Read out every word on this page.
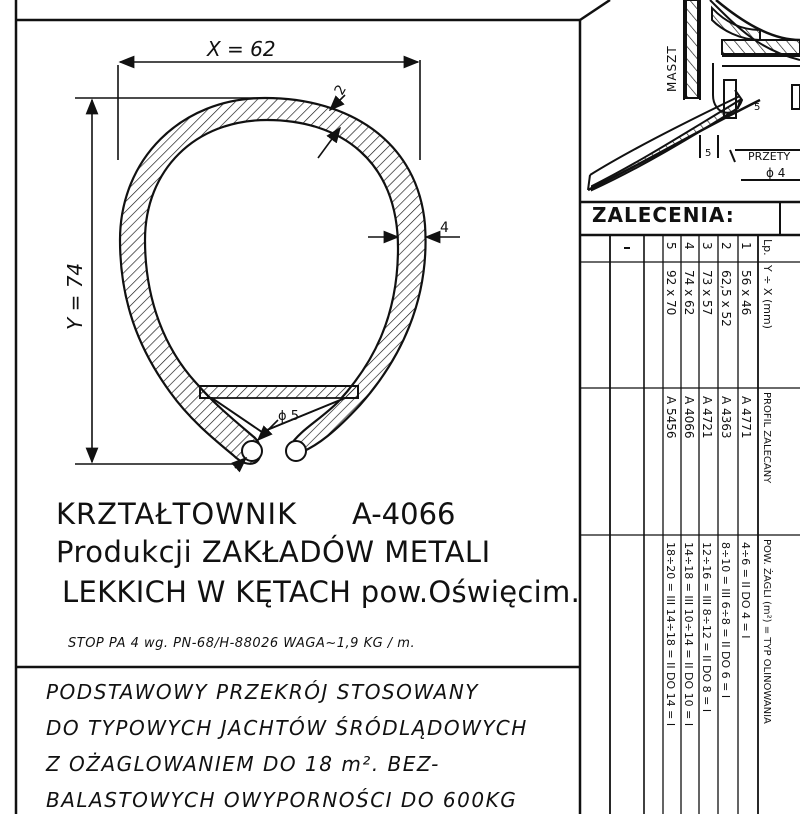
MASZT
PRZETY
ϕ 4
5
5
X = 62
Y = 74
2
4
ϕ 5
Lp.
Y ÷ X (mm)
PROFIL ZALECANY
POW. ŻAGLI (m²) = TYP OLINOWANIA
1
56 x 46
A 4771
4÷6 = II DO 4 = I
2
62,5 x 52
A 4363
8÷10 = III 6÷8 = II DO 6 = I
3
73 x 57
A 4721
12÷16 = III 8÷12 = II DO 8 = I
4
74 x 62
A 4066
14÷18 = III 10÷14 = II DO 10 = I
5
92 x 70
A 5456
18÷20 = III 14÷18 = II DO 14 = I
ZALECENIA:
KRZTAŁTOWNIK A-4066
Produkcji ZAKŁADÓW METALI
LEKKICH W KĘTACH pow.Oświęcim.
STOP PA 4 wg. PN-68/H-88026 WAGA~1,9 KG / m.
PODSTAWOWY PRZEKRÓJ STOSOWANY
DO TYPOWYCH JACHTÓW ŚRÓDLĄDOWYCH
Z OŻAGLOWANIEM DO 18 m². BEZ-
BALASTOWYCH OWYPORNOŚCI DO 600KG
